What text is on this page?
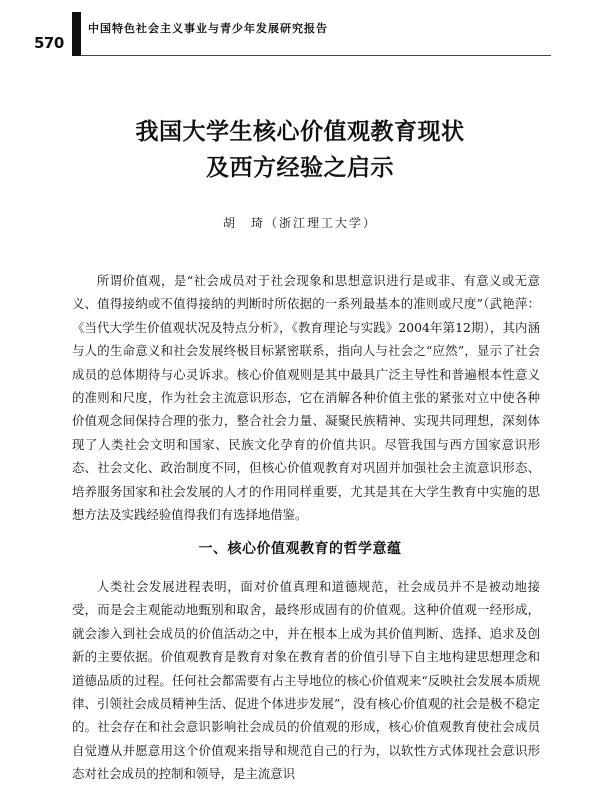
570
中国特色社会主义事业与青少年发展研究报告
我国大学生核心价值观教育现状
及西方经验之启示
胡　琦（浙江理工大学）

所谓价值观，是“社会成员对于社会现象和思想意识进行是或非、有意义或无意义、值得接纳或不值得接纳的判断时所依据的一系列最基本的准则或尺度”（武艳萍：《当代大学生价值观状况及特点分析》，《教育理论与实践》2004年第12期），其内涵与人的生命意义和社会发展终极目标紧密联系，指向人与社会之“应然”，显示了社会成员的总体期待与心灵诉求。核心价值观则是其中最具广泛主导性和普遍根本性意义的准则和尺度，作为社会主流意识形态，它在消解各种价值主张的紧张对立中使各种价值观念间保持合理的张力，整合社会力量、凝聚民族精神、实现共同理想，深刻体现了人类社会文明和国家、民族文化孕育的价值共识。尽管我国与西方国家意识形态、社会文化、政治制度不同，但核心价值观教育对巩固并加强社会主流意识形态、培养服务国家和社会发展的人才的作用同样重要，尤其是其在大学生教育中实施的思想方法及实践经验值得我们有选择地借鉴。

一、核心价值观教育的哲学意蕴

人类社会发展进程表明，面对价值真理和道德规范，社会成员并不是被动地接受，而是会主观能动地甄别和取舍，最终形成固有的价值观。这种价值观一经形成，就会渗入到社会成员的价值活动之中，并在根本上成为其价值判断、选择、追求及创新的主要依据。价值观教育是教育对象在教育者的价值引导下自主地构建思想理念和道德品质的过程。任何社会都需要有占主导地位的核心价值观来“反映社会发展本质规律、引领社会成员精神生活、促进个体进步发展”，没有核心价值观的社会是极不稳定的。社会存在和社会意识影响社会成员的价值观的形成，核心价值观教育使社会成员自觉遵从并愿意用这个价值观来指导和规范自己的行为，以软性方式体现社会意识形态对社会成员的控制和领导，是主流意识
